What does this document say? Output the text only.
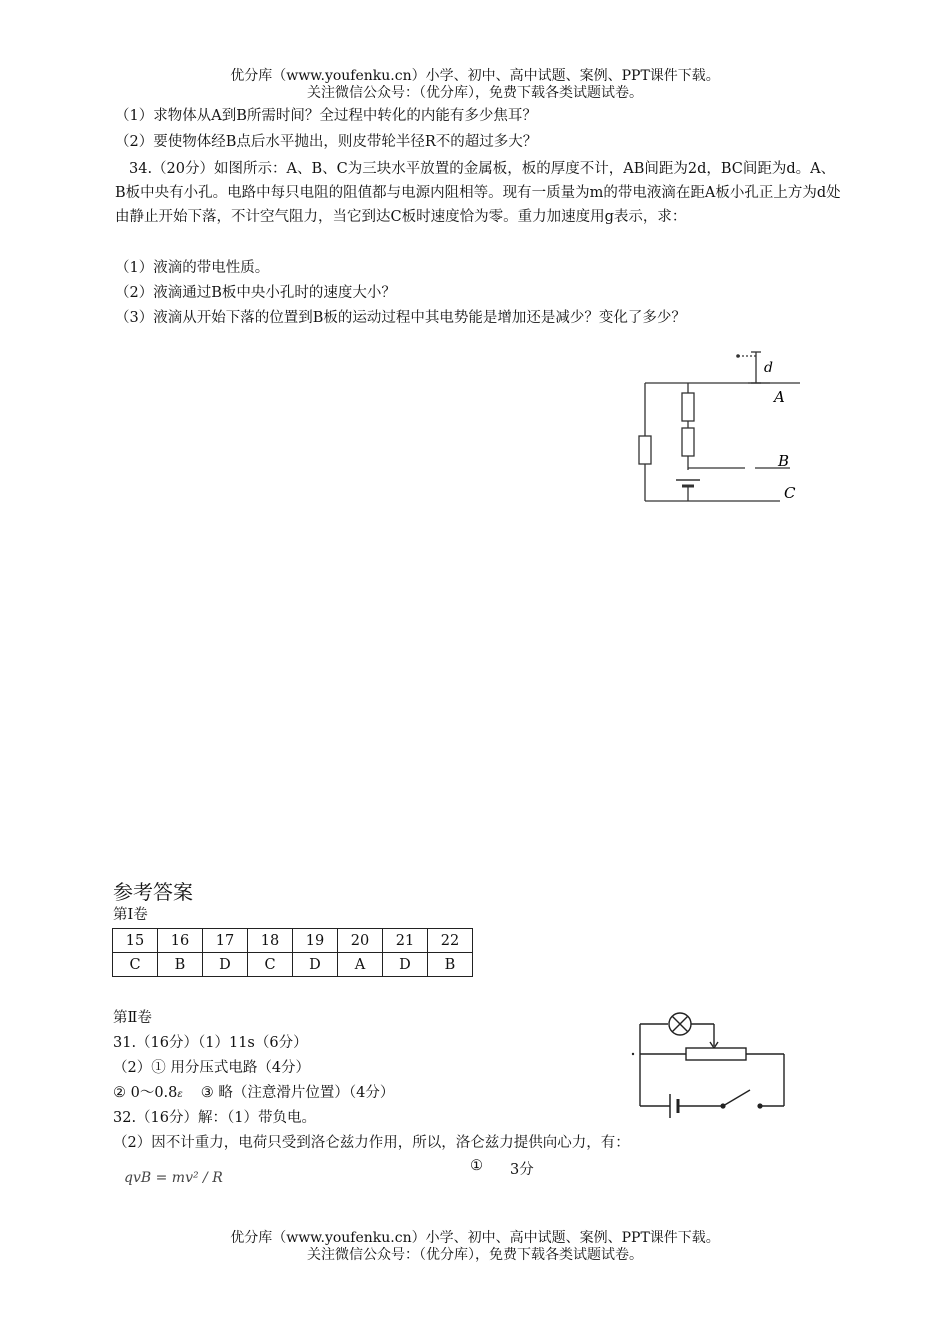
优分库（www.youfenku.cn）小学、初中、高中试题、案例、PPT课件下载。
关注微信公众号：（优分库），免费下载各类试题试卷。
（1）求物体从A到B所需时间？全过程中转化的内能有多少焦耳？
（2）要使物体经B点后水平抛出，则皮带轮半径R不的超过多大？
34.（20分）如图所示：A、B、C为三块水平放置的金属板，板的厚度不计，AB间距为2d，BC间距为d。A、B板中央有小孔。电路中每只电阻的阻值都与电源内阻相等。现有一质量为m的带电液滴在距A板小孔正上方为d处由静止开始下落，不计空气阻力，当它到达C板时速度恰为零。重力加速度用g表示，求：
（1）液滴的带电性质。
（2）液滴通过B板中央小孔时的速度大小？
（3）液滴从开始下落的位置到B板的运动过程中其电势能是增加还是减少？变化了多少？
d
A
B
C
参考答案
第Ⅰ卷
15	16	17	18	19	20	21	22
C	B	D	C	D	A	D	B
第Ⅱ卷
31.（16分）（1）11s（6分）
（2）① 用分压式电路（4分）
② 0～0.8ε ③ 略（注意滑片位置）（4分）
32.（16分）解：（1）带负电。
（2）因不计重力，电荷只受到洛仑兹力作用，所以，洛仑兹力提供向心力，有：
qvB = mv² / R
① 3分
优分库（www.youfenku.cn）小学、初中、高中试题、案例、PPT课件下载。
关注微信公众号：（优分库），免费下载各类试题试卷。
